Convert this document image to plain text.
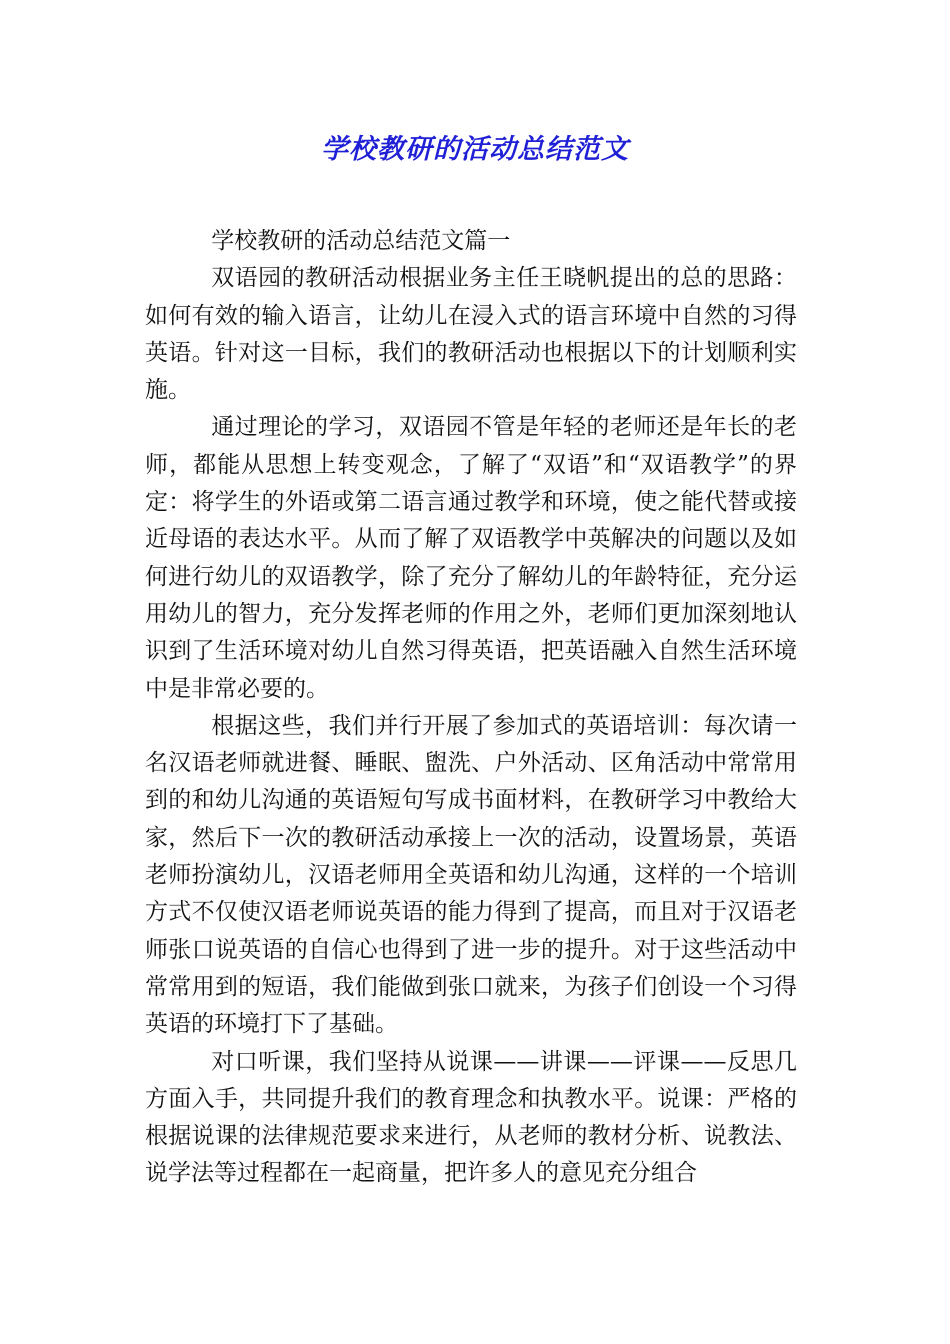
学校教研的活动总结范文

学校教研的活动总结范文篇一

双语园的教研活动根据业务主任王晓帆提出的总的思路：如何有效的输入语言，让幼儿在浸入式的语言环境中自然的习得英语。针对这一目标，我们的教研活动也根据以下的计划顺利实施。

通过理论的学习，双语园不管是年轻的老师还是年长的老师，都能从思想上转变观念，了解了“双语”和“双语教学”的界定：将学生的外语或第二语言通过教学和环境，使之能代替或接近母语的表达水平。从而了解了双语教学中英解决的问题以及如何进行幼儿的双语教学，除了充分了解幼儿的年龄特征，充分运用幼儿的智力，充分发挥老师的作用之外，老师们更加深刻地认识到了生活环境对幼儿自然习得英语，把英语融入自然生活环境中是非常必要的。

根据这些，我们并行开展了参加式的英语培训：每次请一名汉语老师就进餐、睡眠、盥洗、户外活动、区角活动中常常用到的和幼儿沟通的英语短句写成书面材料，在教研学习中教给大家，然后下一次的教研活动承接上一次的活动，设置场景，英语老师扮演幼儿，汉语老师用全英语和幼儿沟通，这样的一个培训方式不仅使汉语老师说英语的能力得到了提高，而且对于汉语老师张口说英语的自信心也得到了进一步的提升。对于这些活动中常常用到的短语，我们能做到张口就来，为孩子们创设一个习得英语的环境打下了基础。

对口听课，我们坚持从说课——讲课——评课——反思几方面入手，共同提升我们的教育理念和执教水平。说课：严格的根据说课的法律规范要求来进行，从老师的教材分析、说教法、说学法等过程都在一起商量，把许多人的意见充分组合
